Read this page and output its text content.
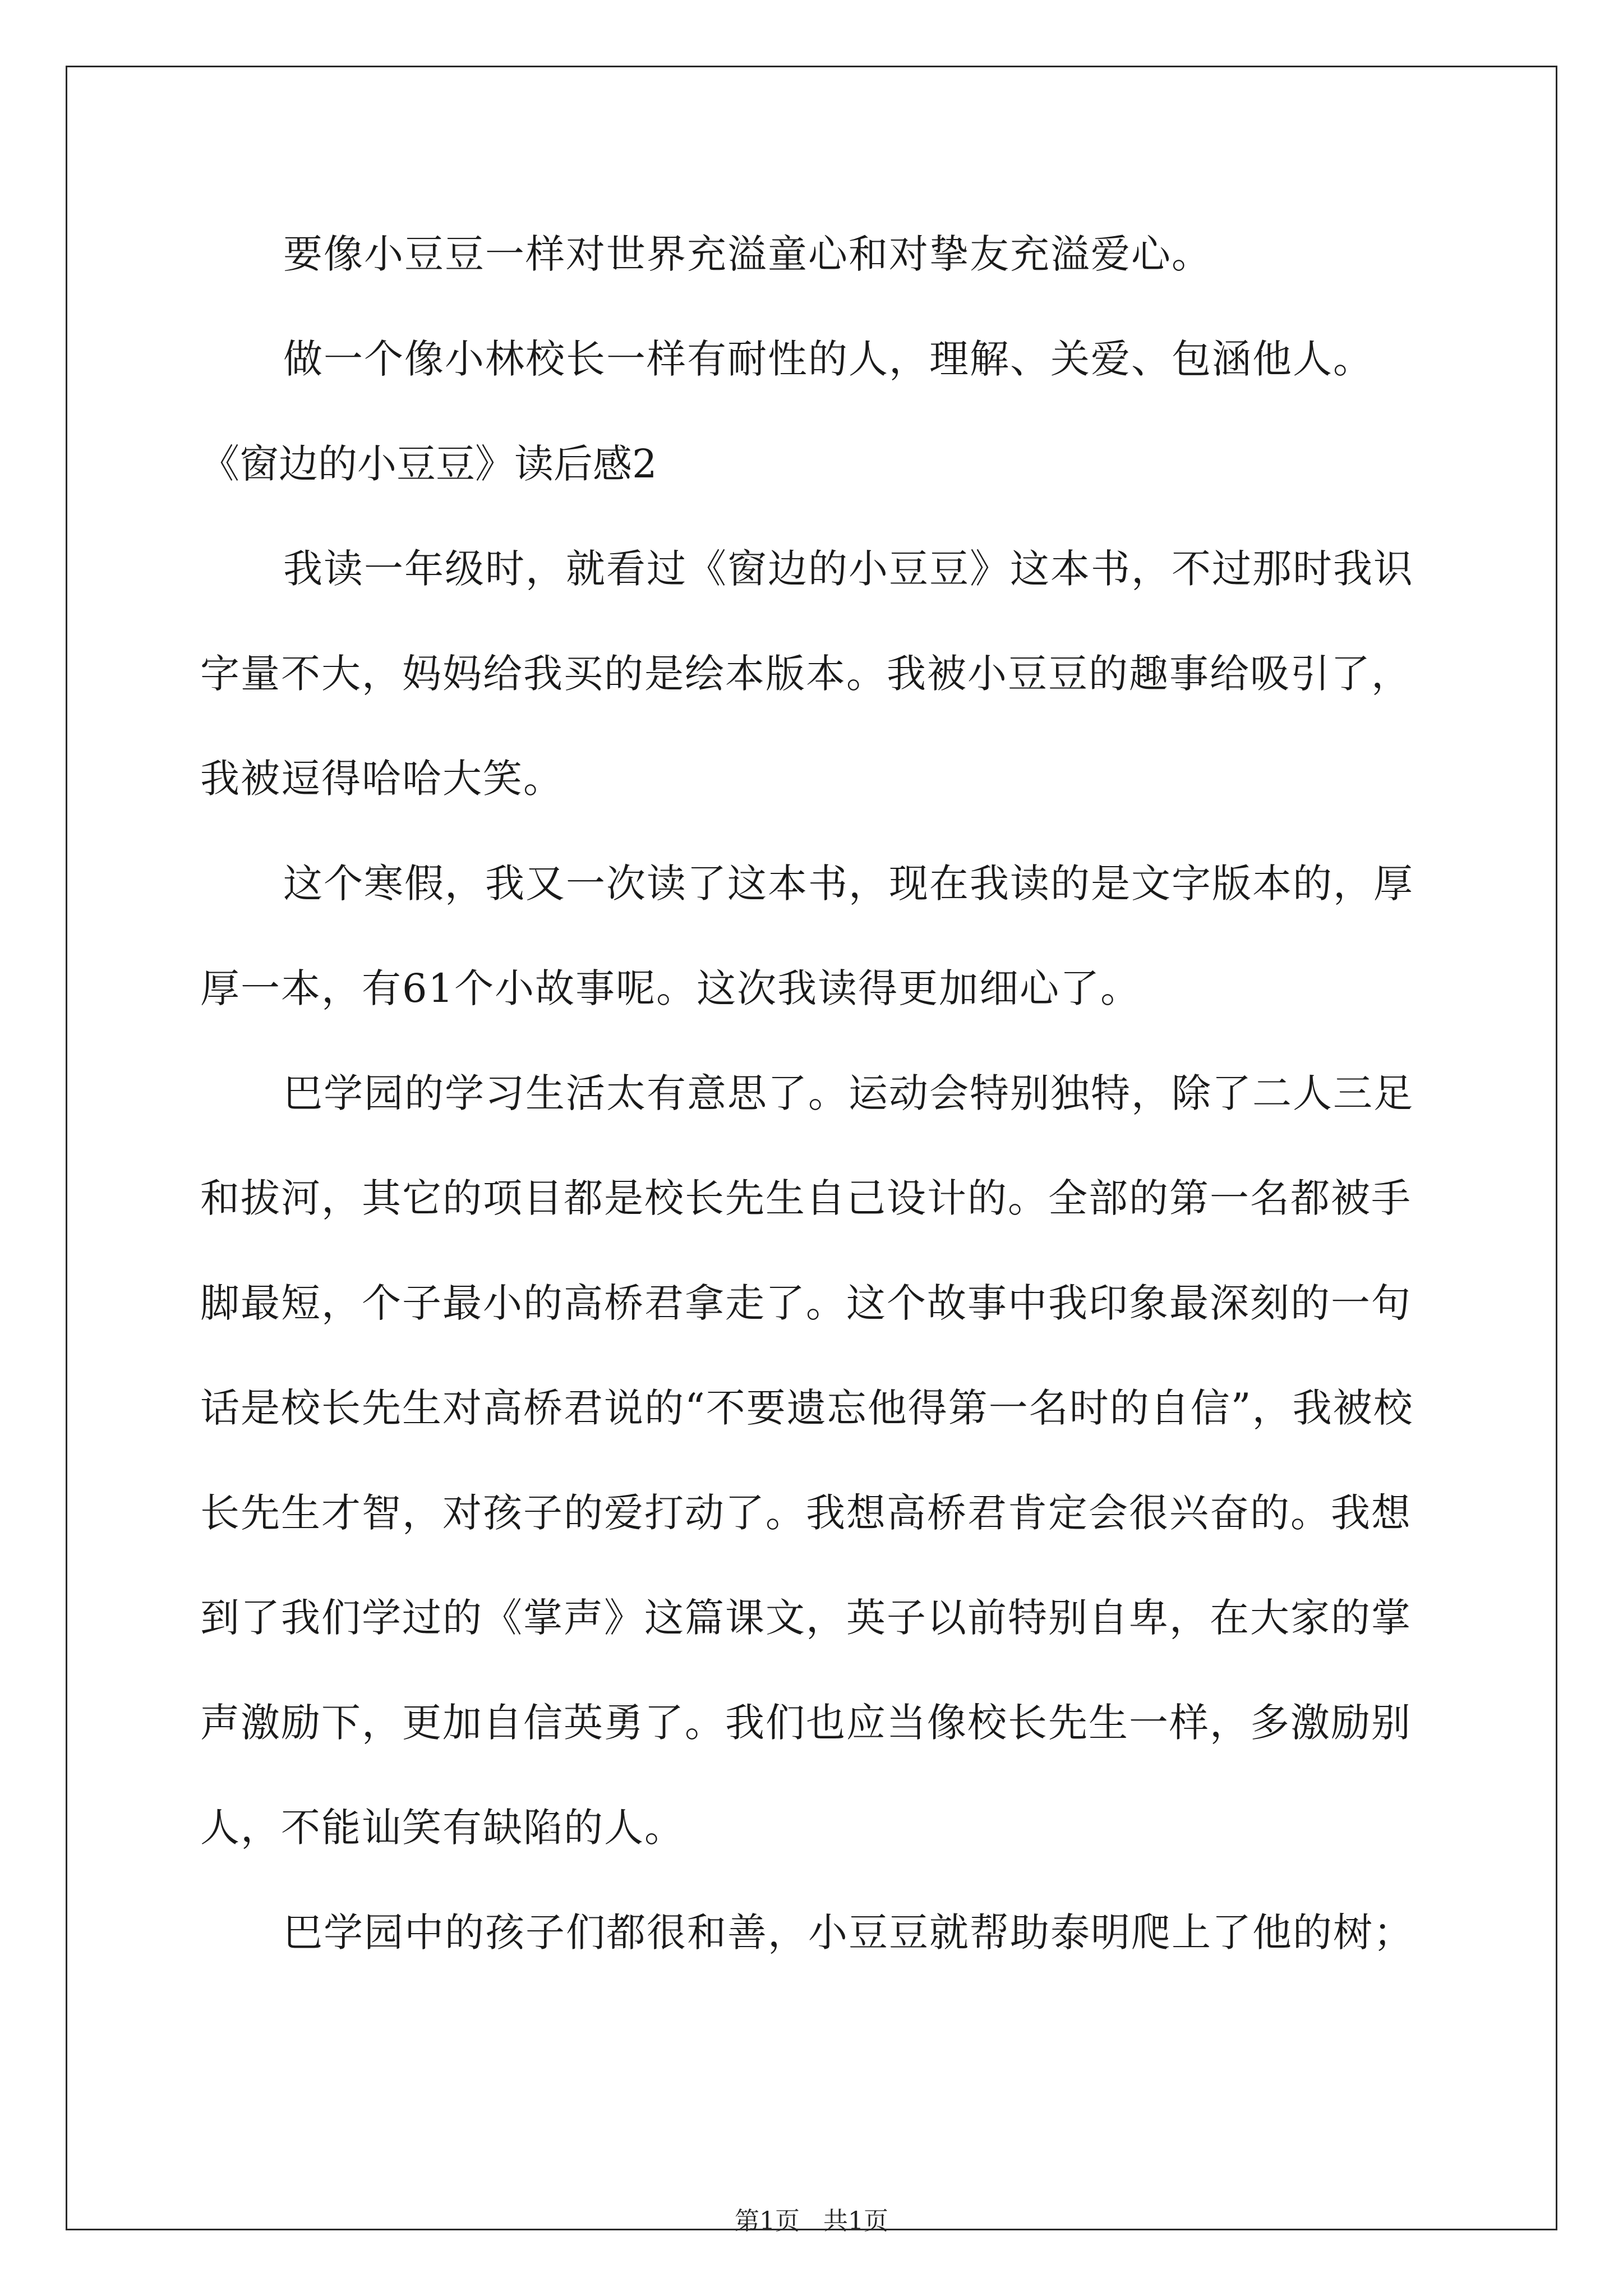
要像小豆豆一样对世界充溢童心和对挚友充溢爱心。

做一个像小林校长一样有耐性的人，理解、关爱、包涵他人。

《窗边的小豆豆》读后感2

我读一年级时，就看过《窗边的小豆豆》这本书，不过那时我识字量不大，妈妈给我买的是绘本版本。我被小豆豆的趣事给吸引了，我被逗得哈哈大笑。

这个寒假，我又一次读了这本书，现在我读的是文字版本的，厚厚一本，有61个小故事呢。这次我读得更加细心了。

巴学园的学习生活太有意思了。运动会特别独特，除了二人三足和拔河，其它的项目都是校长先生自己设计的。全部的第一名都被手脚最短，个子最小的高桥君拿走了。这个故事中我印象最深刻的一句话是校长先生对高桥君说的“不要遗忘他得第一名时的自信”，我被校长先生才智，对孩子的爱打动了。我想高桥君肯定会很兴奋的。我想到了我们学过的《掌声》这篇课文，英子以前特别自卑，在大家的掌声激励下，更加自信英勇了。我们也应当像校长先生一样，多激励别人，不能讪笑有缺陷的人。

巴学园中的孩子们都很和善，小豆豆就帮助泰明爬上了他的树；

第1页   共1页
